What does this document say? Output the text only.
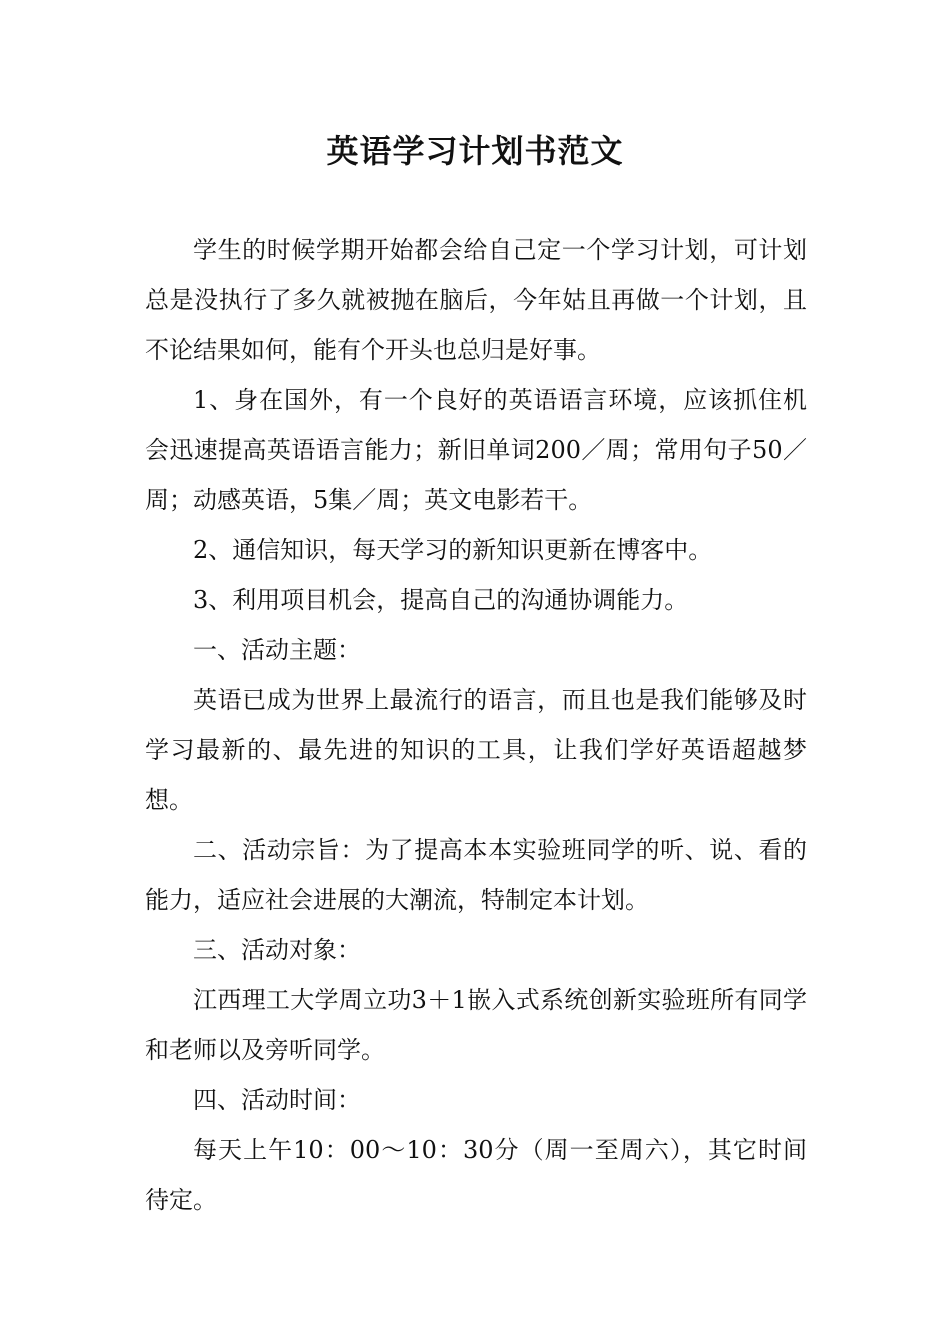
英语学习计划书范文

学生的时候学期开始都会给自己定一个学习计划，可计划总是没执行了多久就被抛在脑后，今年姑且再做一个计划，且不论结果如何，能有个开头也总归是好事。

1、身在国外，有一个良好的英语语言环境，应该抓住机会迅速提高英语语言能力；新旧单词200／周；常用句子50／周；动感英语，5集／周；英文电影若干。

2、通信知识，每天学习的新知识更新在博客中。

3、利用项目机会，提高自己的沟通协调能力。

一、活动主题：

英语已成为世界上最流行的语言，而且也是我们能够及时学习最新的、最先进的知识的工具，让我们学好英语超越梦想。

二、活动宗旨：为了提高本本实验班同学的听、说、看的能力，适应社会进展的大潮流，特制定本计划。

三、活动对象：

江西理工大学周立功3＋1嵌入式系统创新实验班所有同学和老师以及旁听同学。

四、活动时间：

每天上午10：00～10：30分（周一至周六），其它时间待定。
